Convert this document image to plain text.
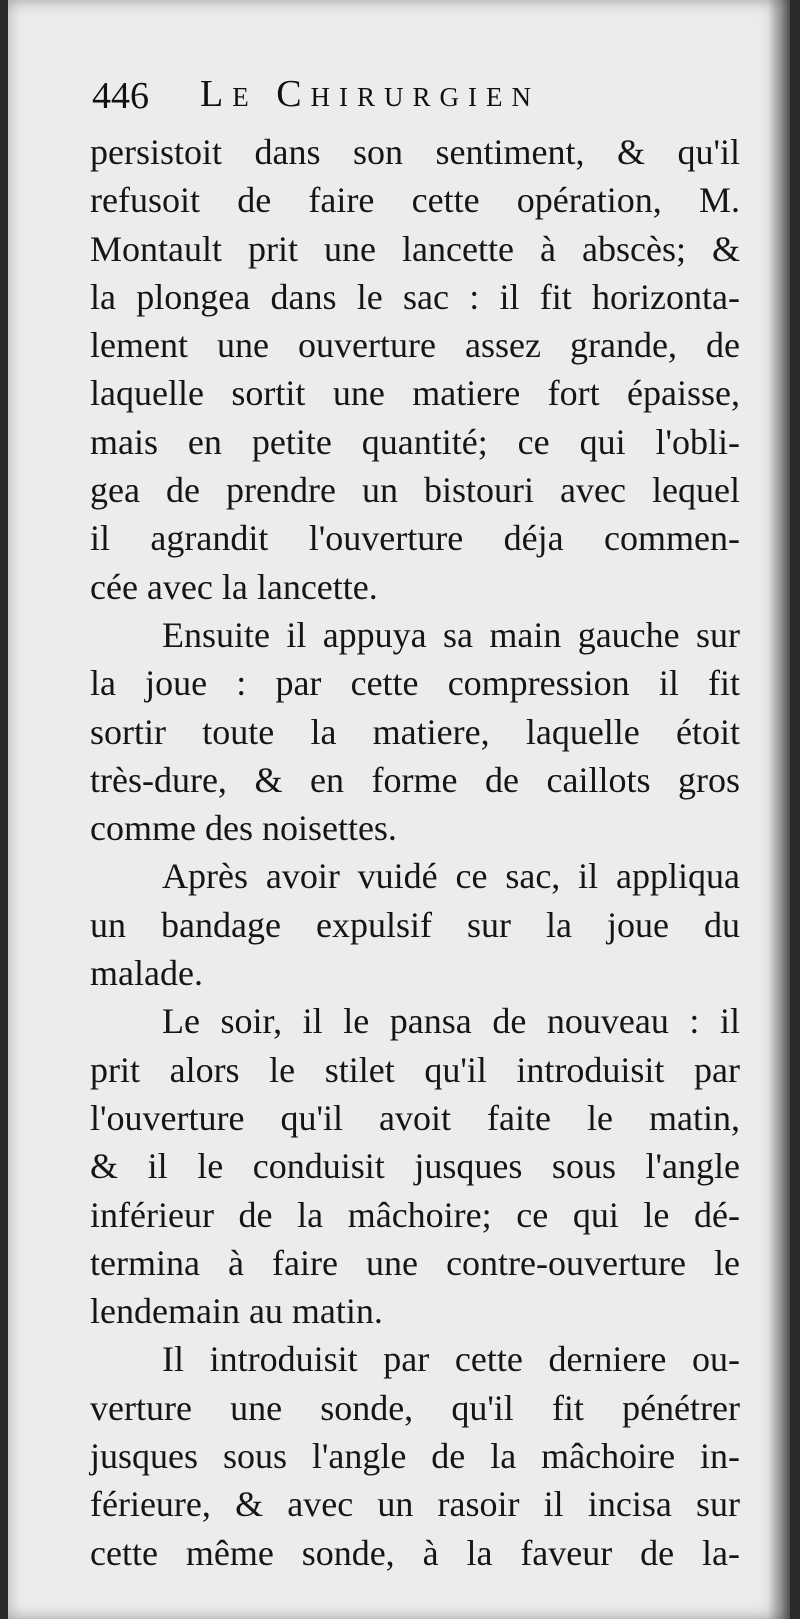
446 Le Chirurgien
persistoit dans son sentiment, & qu'il
refusoit de faire cette opération, M.
Montault prit une lancette à abscès; &
la plongea dans le sac : il fit horizonta-
lement une ouverture assez grande, de
laquelle sortit une matiere fort épaisse,
mais en petite quantité; ce qui l'obli-
gea de prendre un bistouri avec lequel
il agrandit l'ouverture déja commen-
cée avec la lancette.
  Ensuite il appuya sa main gauche sur
la joue : par cette compression il fit
sortir toute la matiere, laquelle étoit
très-dure, & en forme de caillots gros
comme des noisettes.
  Après avoir vuidé ce sac, il appliqua
un bandage expulsif sur la joue du
malade.
  Le soir, il le pansa de nouveau : il
prit alors le stilet qu'il introduisit par
l'ouverture qu'il avoit faite le matin,
& il le conduisit jusques sous l'angle
inférieur de la mâchoire; ce qui le dé-
termina à faire une contre-ouverture le
lendemain au matin.
  Il introduisit par cette derniere ou-
verture une sonde, qu'il fit pénétrer
jusques sous l'angle de la mâchoire in-
férieure, & avec un rasoir il incisa sur
cette même sonde, à la faveur de la-
